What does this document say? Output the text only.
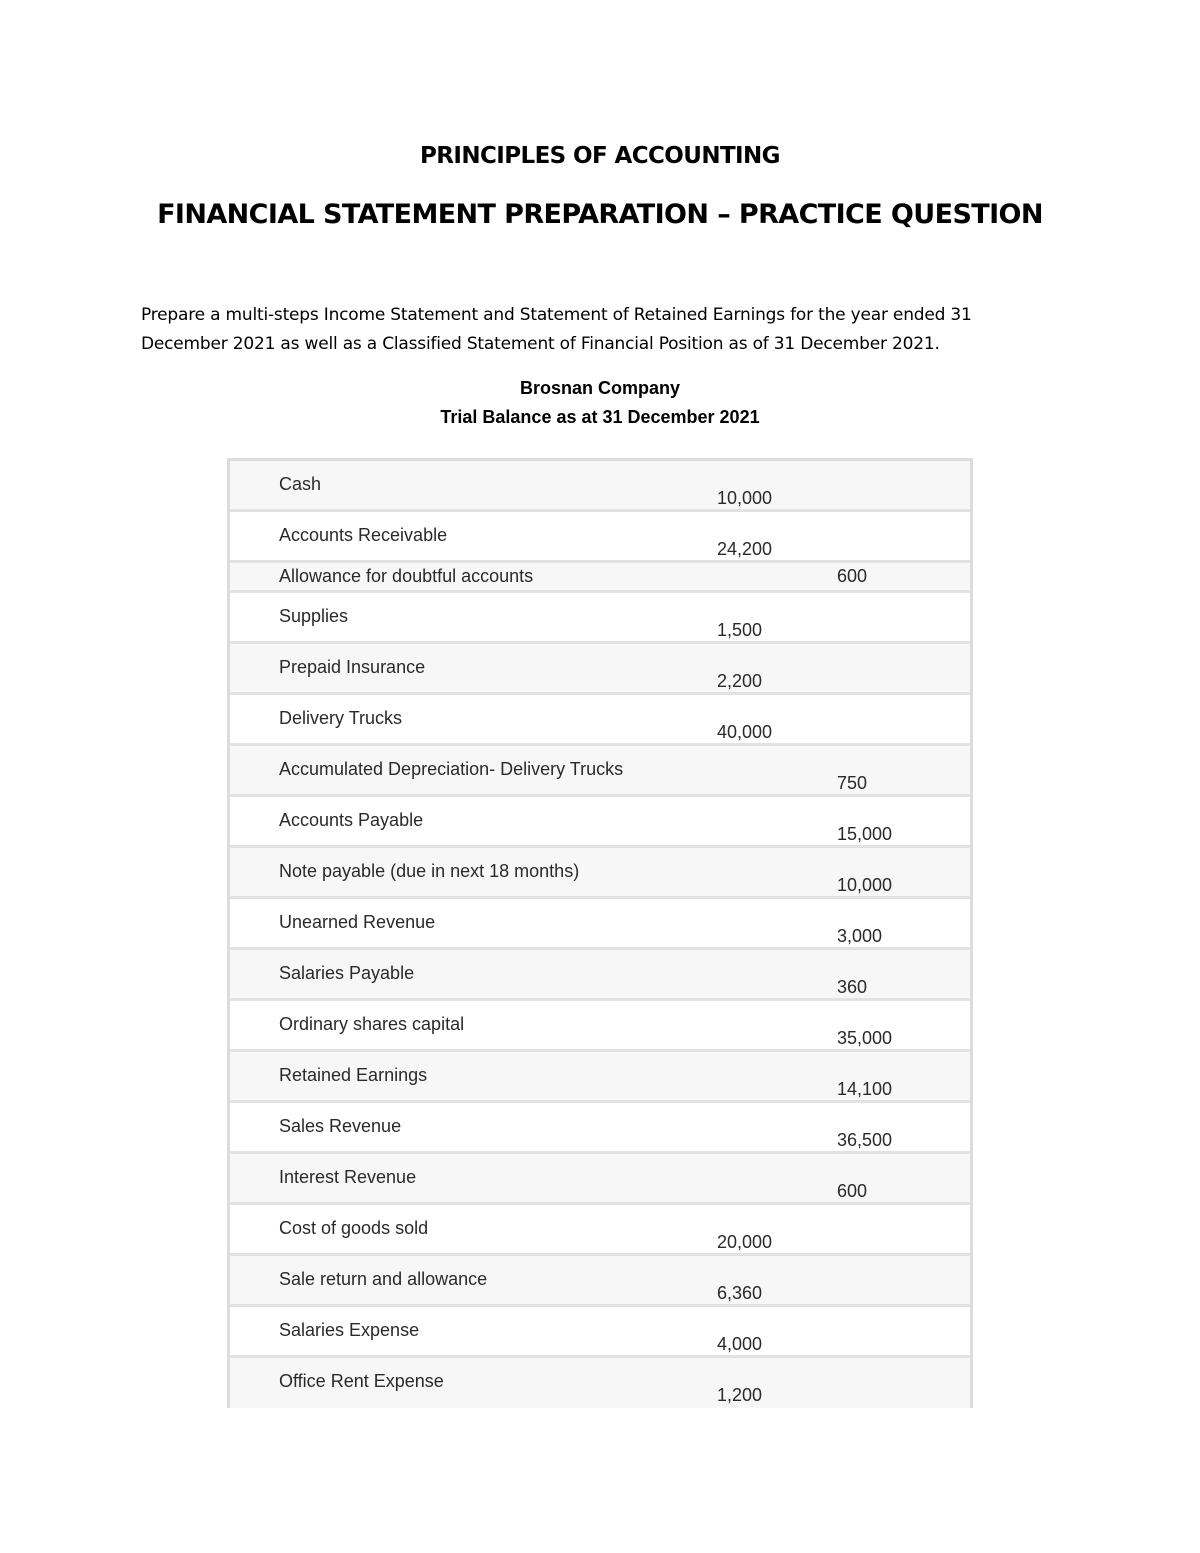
PRINCIPLES OF ACCOUNTING
FINANCIAL STATEMENT PREPARATION – PRACTICE QUESTION
Prepare a multi-steps Income Statement and Statement of Retained Earnings for the year ended 31
December 2021 as well as a Classified Statement of Financial Position as of 31 December 2021.
Brosnan Company
Trial Balance as at 31 December 2021
Cash
10,000
Accounts Receivable
24,200
Allowance for doubtful accounts	600
Supplies
1,500
Prepaid Insurance
2,200
Delivery Trucks
40,000
Accumulated Depreciation- Delivery Trucks
750
Accounts Payable
15,000
Note payable (due in next 18 months)
10,000
Unearned Revenue
3,000
Salaries Payable
360
Ordinary shares capital
35,000
Retained Earnings
14,100
Sales Revenue
36,500
Interest Revenue
600
Cost of goods sold
20,000
Sale return and allowance
6,360
Salaries Expense
4,000
Office Rent Expense
1,200
